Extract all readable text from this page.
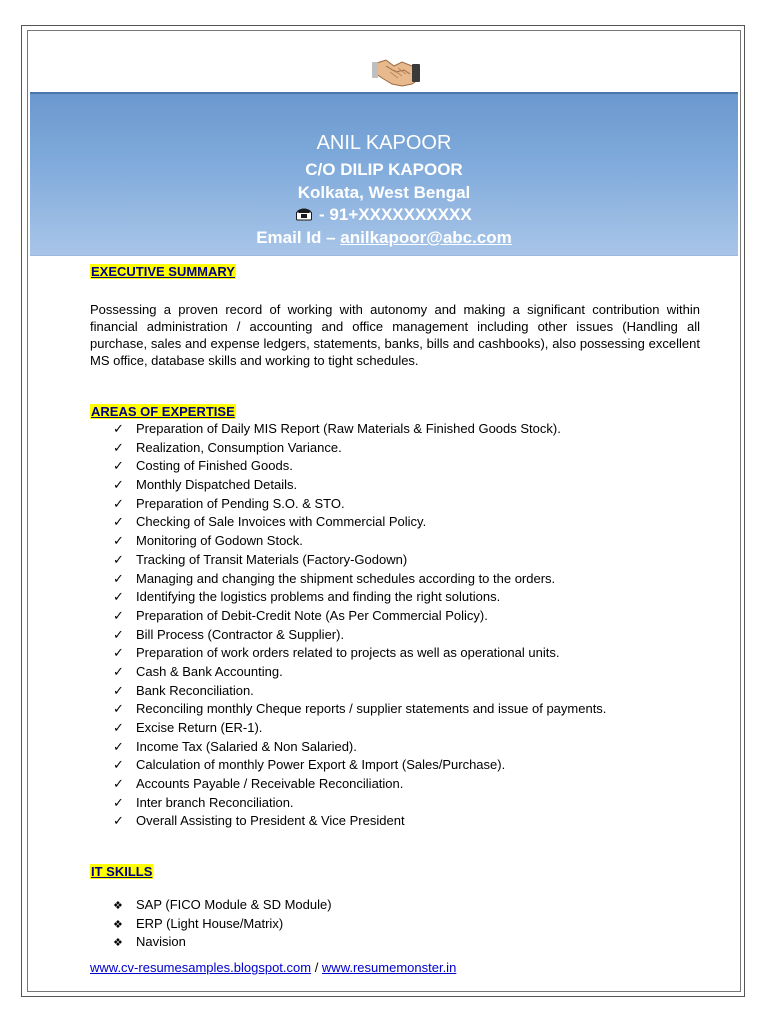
ANIL KAPOOR
C/O DILIP KAPOOR
Kolkata, West Bengal
- 91+XXXXXXXXXX
Email Id – anilkapoor@abc.com
EXECUTIVE SUMMARY
Possessing a proven record of working with autonomy and making a significant contribution within financial administration / accounting and office management including other issues (Handling all purchase, sales and expense ledgers, statements, banks, bills and cashbooks), also possessing excellent MS office, database skills and working to tight schedules.
AREAS OF EXPERTISE
✓ Preparation of Daily MIS Report (Raw Materials & Finished Goods Stock).
✓ Realization, Consumption Variance.
✓ Costing of Finished Goods.
✓ Monthly Dispatched Details.
✓ Preparation of Pending S.O. & STO.
✓ Checking of Sale Invoices with Commercial Policy.
✓ Monitoring of Godown Stock.
✓ Tracking of Transit Materials (Factory-Godown)
✓ Managing and changing the shipment schedules according to the orders.
✓ Identifying the logistics problems and finding the right solutions.
✓ Preparation of Debit-Credit Note (As Per Commercial Policy).
✓ Bill Process (Contractor & Supplier).
✓ Preparation of work orders related to projects as well as operational units.
✓ Cash & Bank Accounting.
✓ Bank Reconciliation.
✓ Reconciling monthly Cheque reports / supplier statements and issue of payments.
✓ Excise Return (ER-1).
✓ Income Tax (Salaried & Non Salaried).
✓ Calculation of monthly Power Export & Import (Sales/Purchase).
✓ Accounts Payable / Receivable Reconciliation.
✓ Inter branch Reconciliation.
✓ Overall Assisting to President & Vice President
IT SKILLS
❖ SAP (FICO Module & SD Module)
❖ ERP (Light House/Matrix)
❖ Navision
www.cv-resumesamples.blogspot.com / www.resumemonster.in
